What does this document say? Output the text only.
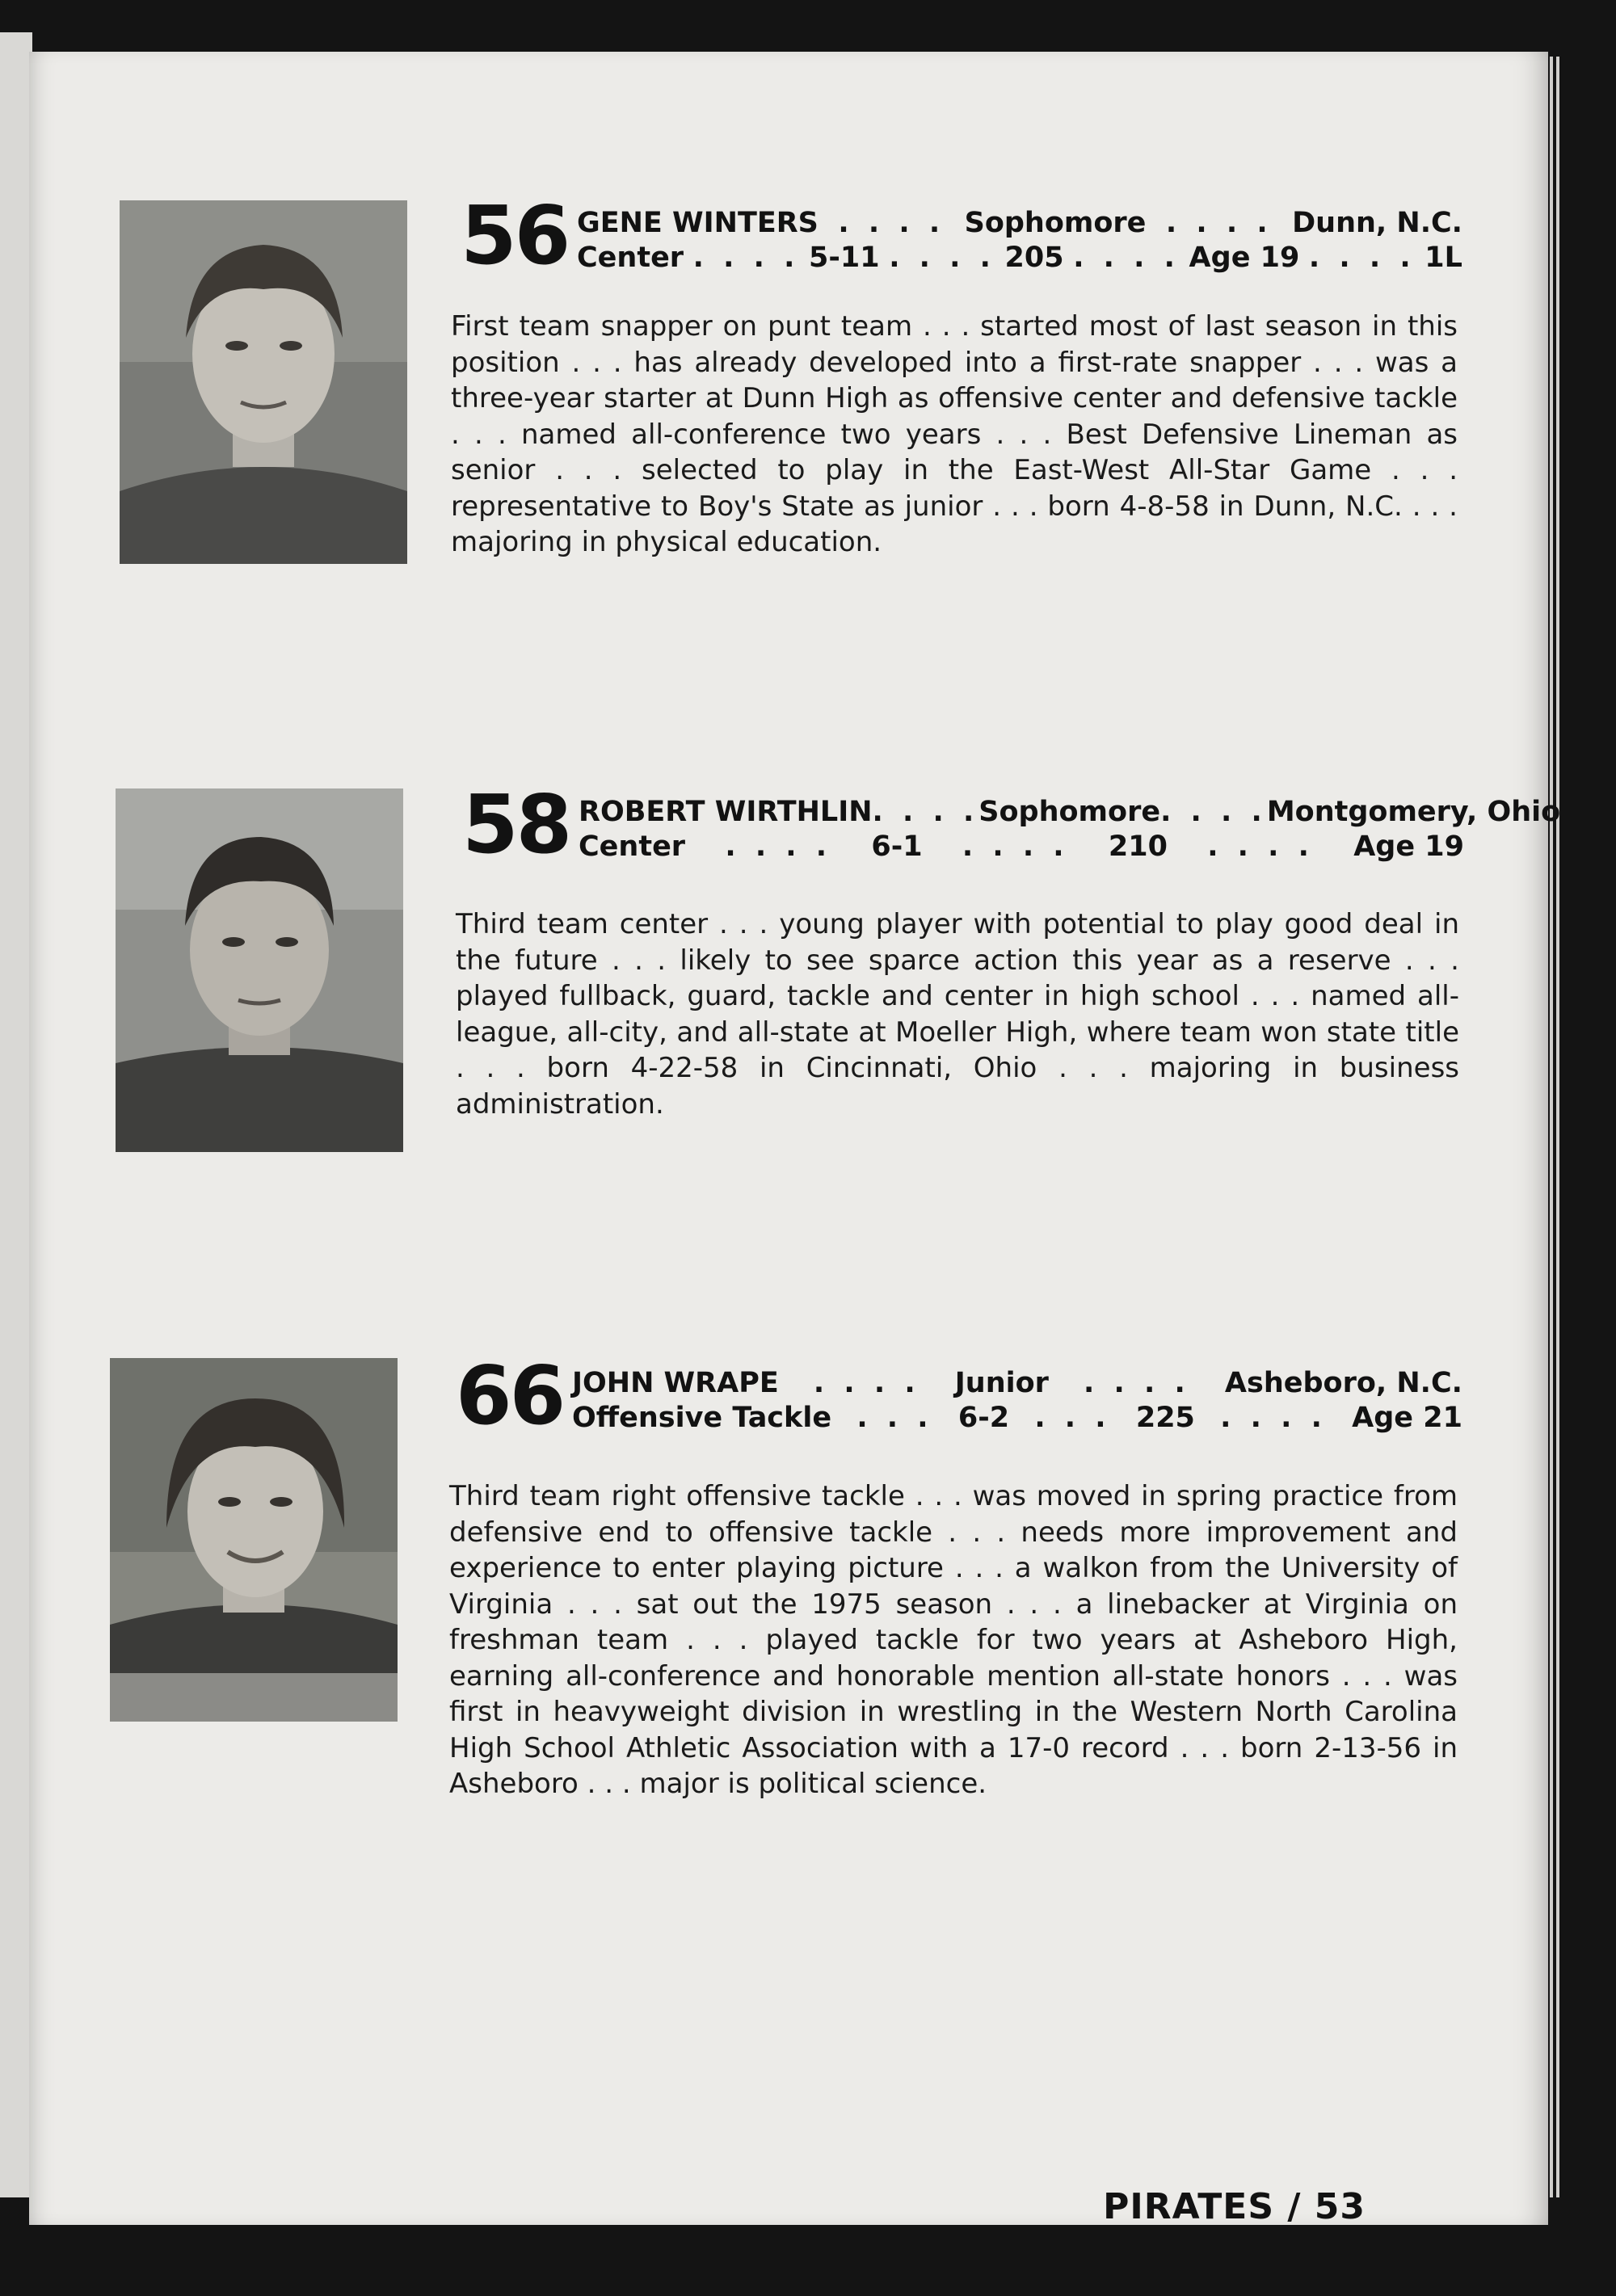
56 GENE WINTERS . . . . Sophomore . . . . Dunn, N.C.
Center . . . . 5-11 . . . . 205 . . . . Age 19 . . . . 1L
First team snapper on punt team . . . started most of last season in this position . . . has already developed into a first-rate snapper . . . was a three-year starter at Dunn High as offensive center and defensive tackle . . . named all-conference two years . . . Best Defensive Lineman as senior . . . selected to play in the East-West All-Star Game . . . representative to Boy's State as junior . . . born 4-8-58 in Dunn, N.C. . . . majoring in physical education.
58 ROBERT WIRTHLIN . . . . Sophomore . . . . Montgomery, Ohio
Center . . . . 6-1 . . . . 210 . . . . Age 19
Third team center . . . young player with potential to play good deal in the future . . . likely to see sparce action this year as a reserve . . . played fullback, guard, tackle and center in high school . . . named all-league, all-city, and all-state at Moeller High, where team won state title . . . born 4-22-58 in Cincinnati, Ohio . . . majoring in business administration.
66 JOHN WRAPE . . . . Junior . . . . Asheboro, N.C.
Offensive Tackle . . . 6-2 . . . 225 . . . . Age 21
Third team right offensive tackle . . . was moved in spring practice from defensive end to offensive tackle . . . needs more improvement and experience to enter playing picture . . . a walkon from the University of Virginia . . . sat out the 1975 season . . . a linebacker at Virginia on freshman team . . . played tackle for two years at Asheboro High, earning all-conference and honorable mention all-state honors . . . was first in heavyweight division in wrestling in the Western North Carolina High School Athletic Association with a 17-0 record . . . born 2-13-56 in Asheboro . . . major is political science.
PIRATES / 53
